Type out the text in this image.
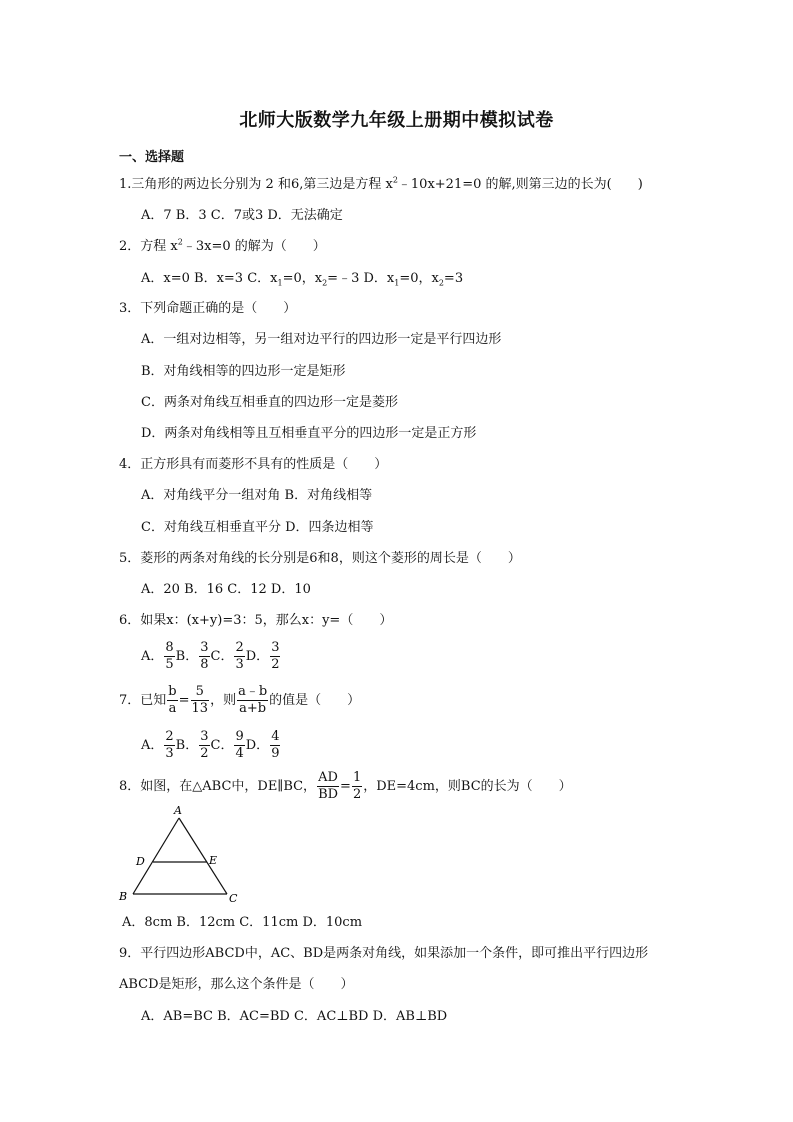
北师大版数学九年级上册期中模拟试卷
一、选择题
1.三角形的两边长分别为 2 和6,第三边是方程 $x^2﹣10x+21=0$ 的解,则第三边的长为(　　)
A．7 B．3 C．7或3 D．无法确定
2．方程 $x^2﹣3x=0$ 的解为（　　）
A．x=0 B．x=3 C．$x_1=0$，$x_2=﹣3$ D．$x_1=0$，$x_2=3$
3．下列命题正确的是（　　）
A．一组对边相等，另一组对边平行的四边形一定是平行四边形
B．对角线相等的四边形一定是矩形
C．两条对角线互相垂直的四边形一定是菱形
D．两条对角线相等且互相垂直平分的四边形一定是正方形
4．正方形具有而菱形不具有的性质是（　　）
A．对角线平分一组对角 B．对角线相等
C．对角线互相垂直平分 D．四条边相等
5．菱形的两条对角线的长分别是6和8，则这个菱形的周长是（　　）
A．20 B．16 C．12 D．10
6．如果x：(x+y)=3：5，那么x：y=（　　）
A． $\frac{8}{5}$ B． $\frac{3}{8}$ C． $\frac{2}{3}$ D． $\frac{3}{2}$
7．已知 $\frac{b}{a} = \frac{5}{13}$ ，则 $\frac{a﹣b}{a+b}$ 的值是（　　）
A． $\frac{2}{3}$ B． $\frac{3}{2}$ C． $\frac{9}{4}$ D． $\frac{4}{9}$
8．如图，在△ABC中，DE∥BC， $\frac{AD}{BD} = \frac{1}{2}$ ，DE=4cm，则BC的长为（　　）
A
B	C
D	E
A．8cm B．12cm C．11cm D．10cm
9．平行四边形ABCD中，AC、BD是两条对角线，如果添加一个条件，即可推出平行四边形
ABCD是矩形，那么这个条件是（　　）
A．AB=BC B．AC=BD C．AC⊥BD D．AB⊥BD
